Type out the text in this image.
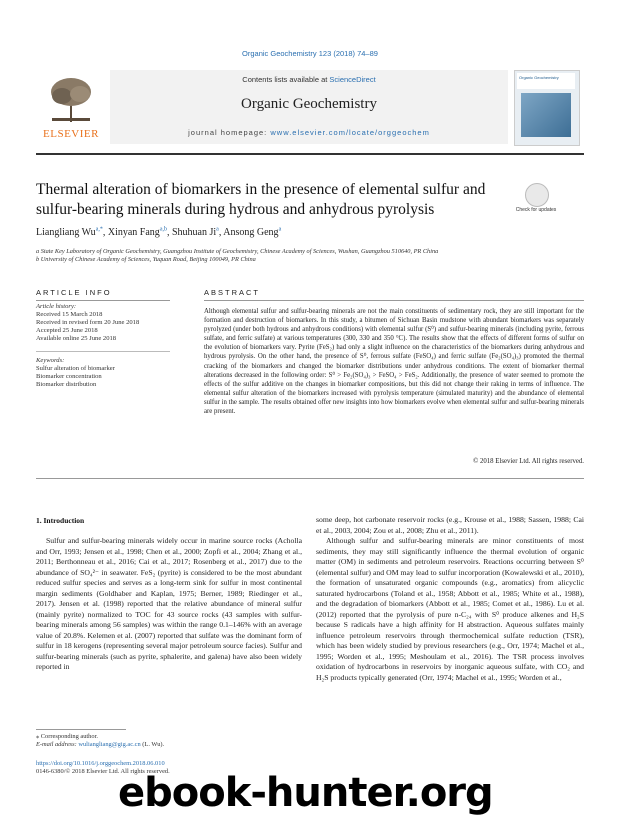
Organic Geochemistry 123 (2018) 74–89
ELSEVIER
Contents lists available at ScienceDirect
Organic Geochemistry
journal homepage: www.elsevier.com/locate/orggeochem
Organic Geochemistry
Thermal alteration of biomarkers in the presence of elemental sulfur and sulfur-bearing minerals during hydrous and anhydrous pyrolysis	Check for updates
Liangliang $Wu^{a,*}$, Xinyan Fang$^{a,b}$, Shuhuan Ji$^a$, Ansong Geng$^a$
a State Key Laboratory of Organic Geochemistry, Guangzhou Institute of Geochemistry, Chinese Academy of Sciences, Wushan, Guangzhou 510640, PR China
b University of Chinese Academy of Sciences, Yuquan Road, Beijing 100049, PR China
ARTICLE INFO
Article history:
Received 15 March 2018
Received in revised form 20 June 2018
Accepted 25 June 2018
Available online 25 June 2018
Keywords:
Sulfur alteration of biomarker
Biomarker concentration
Biomarker distribution
ABSTRACT
Although elemental sulfur and sulfur-bearing minerals are not the main constituents of sedimentary rock, they are still important for the formation and destruction of biomarkers. In this study, a bitumen of Sichuan Basin mudstone with abundant biomarkers was separately pyrolyzed (under both hydrous and anhydrous conditions) with elemental sulfur (S⁰) and sulfur-bearing minerals (including pyrite, ferrous sulfate, and ferric sulfate) at various temperatures (300, 330 and 350 °C). The results show that the effects of different forms of sulfur on the evolution of biomarkers vary. Pyrite (FeS₂) had only a slight influence on the characteristics of the biomarkers during anhydrous and hydrous pyrolysis. On the other hand, the presence of S⁰, ferrous sulfate (FeSO₄) and ferric sulfate (Fe₂(SO₄)₃) promoted the thermal cracking of the biomarkers and changed the biomarker distributions under anhydrous conditions. The extent of biomarker thermal alterations decreased in the following order: S⁰ > Fe₂(SO₄)₃ > FeSO₄ > FeS₂. Additionally, the presence of water seemed to promote the effects of the sulfur additive on the changes in biomarker compositions, but this did not change their raking in terms of influence. The elemental sulfur alteration of the biomarkers increased with pyrolysis temperature (simulated maturity) and the abundance of elemental sulfur in the sample. The results obtained offer new insights into how biomarkers evolve when elemental sulfur and sulfur-bearing minerals are present.
© 2018 Elsevier Ltd. All rights reserved.
1. Introduction

Sulfur and sulfur-bearing minerals widely occur in marine source rocks (Acholla and Orr, 1993; Jensen et al., 1998; Chen et al., 2000; Zopfi et al., 2004; Zhang et al., 2011; Berthonneau et al., 2016; Cai et al., 2017; Rosenberg et al., 2017) due to the abundance of SO₄²⁻ in seawater. FeS₂ (pyrite) is considered to be the most abundant reduced sulfur species and serves as a long-term sink for sulfur in most continental margin sediments (Goldhaber and Kaplan, 1975; Berner, 1989; Riedinger et al., 2017). Jensen et al. (1998) reported that the relative abundance of mineral sulfur (mainly pyrite) normalized to TOC for 43 source rocks (43 samples with sulfur-bearing minerals among 56 samples) was within the range 0.1–146% with an average value of 20.8%. Kelemen et al. (2007) reported that sulfate was the dominant form of sulfur in 18 kerogens (representing several major petroleum source facies). Sulfur and sulfur-bearing minerals (such as pyrite, sphalerite, and galena) have also been widely reported in

some deep, hot carbonate reservoir rocks (e.g., Krouse et al., 1988; Sassen, 1988; Cai et al., 2003, 2004; Zou et al., 2008; Zhu et al., 2011).

Although sulfur and sulfur-bearing minerals are minor constituents of most sediments, they may still significantly influence the thermal evolution of organic matter (OM) in sediments and petroleum reservoirs. Reactions occurring between S⁰ (elemental sulfur) and OM may lead to sulfur incorporation (Kowalewski et al., 2010), the formation of unsaturated organic compounds (e.g., aromatics) from alicyclic saturated hydrocarbons (Toland et al., 1958; Abbott et al., 1985; White et al., 1988), and the degradation of biomarkers (Abbott et al., 1985; Comet et al., 1986). Lu et al. (2012) reported that the pyrolysis of pure n-C₂₄ with S⁰ produce alkenes and H₂S because S radicals have a high affinity for H abstraction. Aqueous sulfates mainly influence petroleum reservoirs through thermochemical sulfate reduction (TSR), which has been widely studied by previous researchers (e.g., Orr, 1974; Machel et al., 1995; Worden et al., 1995; Meshoulam et al., 2016). The TSR process involves oxidation of hydrocarbons in reservoirs by inorganic aqueous sulfate, with CO₂ and H₂S products typically generated (Orr, 1974; Machel et al., 1995; Worden et al.,

⁎ Corresponding author.
E-mail address: wuliangliang@gig.ac.cn (L. Wu).
https://doi.org/10.1016/j.orggeochem.2018.06.010
0146-6380/© 2018 Elsevier Ltd. All rights reserved.
ebook-hunter.org
